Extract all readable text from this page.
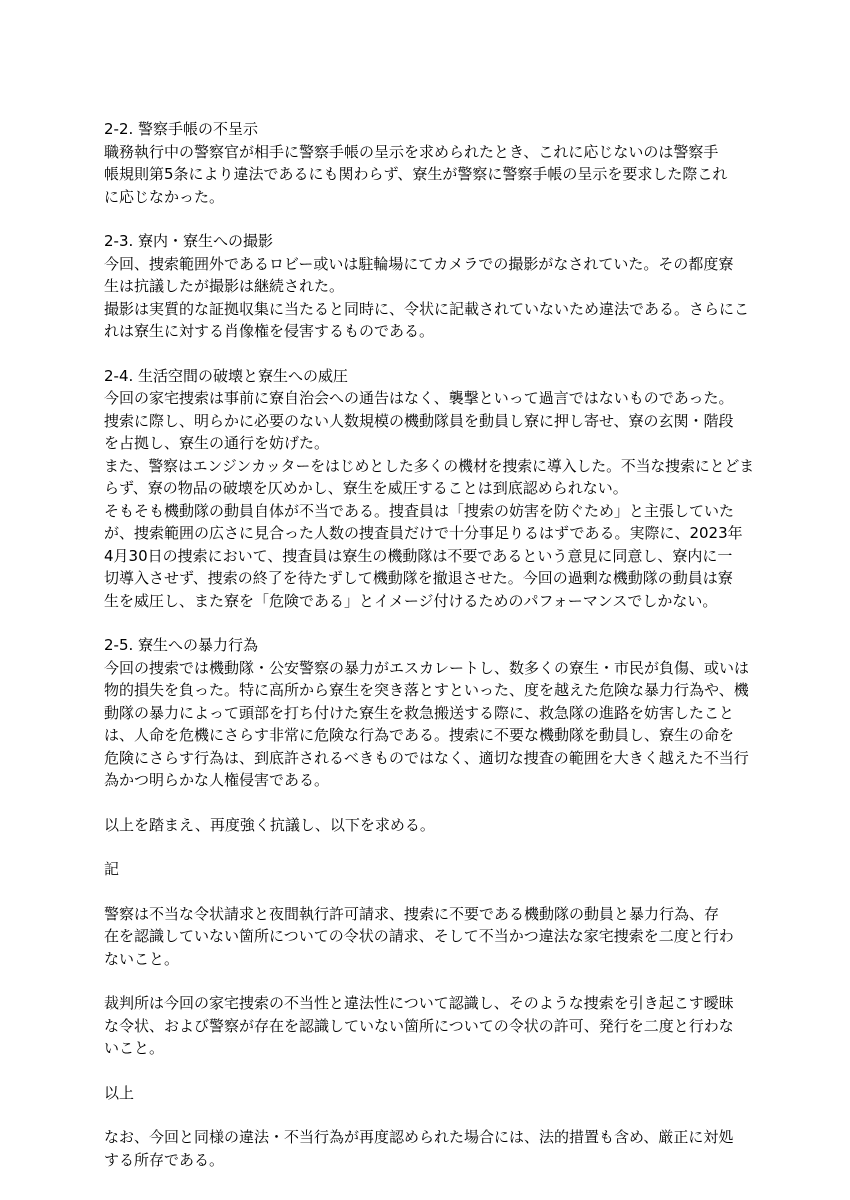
2-2. 警察手帳の不呈示
職務執行中の警察官が相手に警察手帳の呈示を求められたとき、これに応じないのは警察手
帳規則第5条により違法であるにも関わらず、寮生が警察に警察手帳の呈示を要求した際これ
に応じなかった。
2-3. 寮内・寮生への撮影
今回、捜索範囲外であるロビー或いは駐輪場にてカメラでの撮影がなされていた。その都度寮
生は抗議したが撮影は継続された。
撮影は実質的な証拠収集に当たると同時に、令状に記載されていないため違法である。さらにこ
れは寮生に対する肖像権を侵害するものである。
2-4. 生活空間の破壊と寮生への威圧
今回の家宅捜索は事前に寮自治会への通告はなく、襲撃といって過言ではないものであった。
捜索に際し、明らかに必要のない人数規模の機動隊員を動員し寮に押し寄せ、寮の玄関・階段
を占拠し、寮生の通行を妨げた。
また、警察はエンジンカッターをはじめとした多くの機材を捜索に導入した。不当な捜索にとどま
らず、寮の物品の破壊を仄めかし、寮生を威圧することは到底認められない。
そもそも機動隊の動員自体が不当である。捜査員は「捜索の妨害を防ぐため」と主張していた
が、捜索範囲の広さに見合った人数の捜査員だけで十分事足りるはずである。実際に、2023年
4月30日の捜索において、捜査員は寮生の機動隊は不要であるという意見に同意し、寮内に一
切導入させず、捜索の終了を待たずして機動隊を撤退させた。今回の過剰な機動隊の動員は寮
生を威圧し、また寮を「危険である」とイメージ付けるためのパフォーマンスでしかない。
2-5. 寮生への暴力行為
今回の捜索では機動隊・公安警察の暴力がエスカレートし、数多くの寮生・市民が負傷、或いは
物的損失を負った。特に高所から寮生を突き落とすといった、度を越えた危険な暴力行為や、機
動隊の暴力によって頭部を打ち付けた寮生を救急搬送する際に、救急隊の進路を妨害したこと
は、人命を危機にさらす非常に危険な行為である。捜索に不要な機動隊を動員し、寮生の命を
危険にさらす行為は、到底許されるべきものではなく、適切な捜査の範囲を大きく越えた不当行
為かつ明らかな人権侵害である。
以上を踏まえ、再度強く抗議し、以下を求める。
記
警察は不当な令状請求と夜間執行許可請求、捜索に不要である機動隊の動員と暴力行為、存
在を認識していない箇所についての令状の請求、そして不当かつ違法な家宅捜索を二度と行わ
ないこと。
裁判所は今回の家宅捜索の不当性と違法性について認識し、そのような捜索を引き起こす曖昧
な令状、および警察が存在を認識していない箇所についての令状の許可、発行を二度と行わな
いこと。
以上
なお、今回と同様の違法・不当行為が再度認められた場合には、法的措置も含め、厳正に対処
する所存である。
